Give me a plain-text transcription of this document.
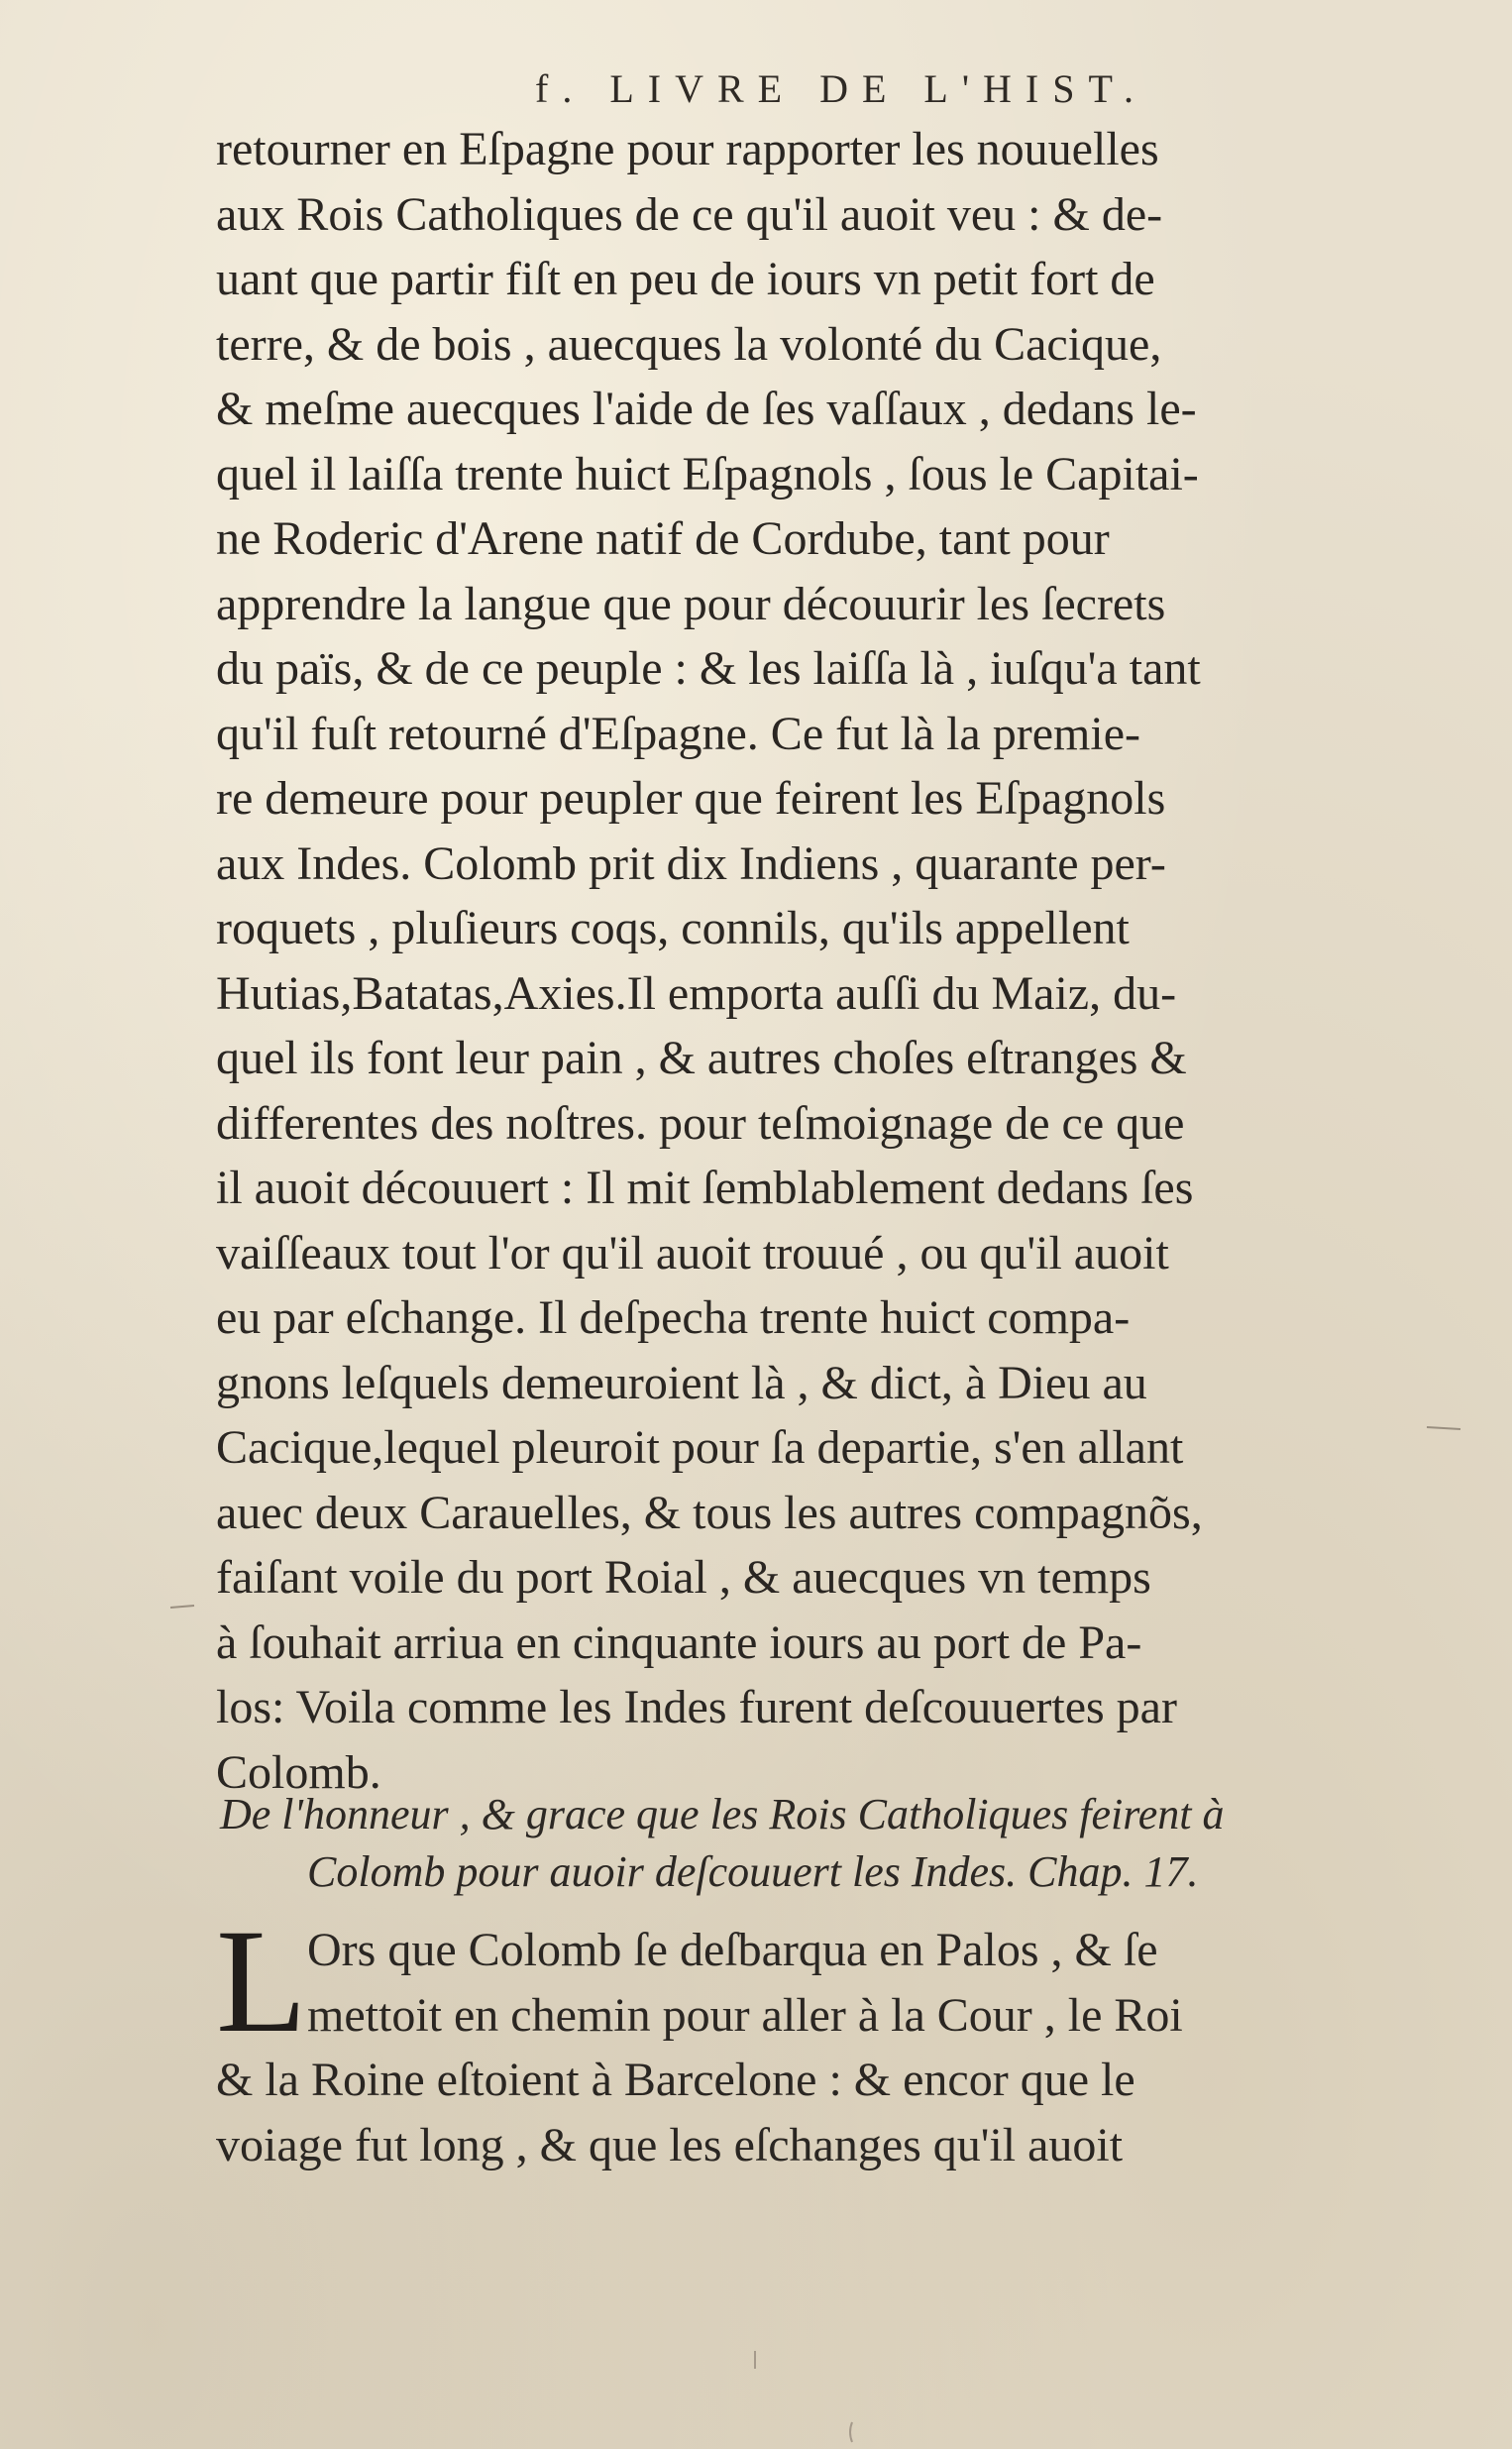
f. LIVRE DE L'HIST.
retourner en Eſpagne pour rapporter les nouuelles
aux Rois Catholiques de ce qu'il auoit veu : & de-
uant que partir fiſt en peu de iours vn petit fort de
terre, & de bois , auecques la volonté du Cacique,
& meſme auecques l'aide de ſes vaſſaux , dedans le-
quel il laiſſa trente huict Eſpagnols , ſous le Capitai-
ne Roderic d'Arene natif de Cordube, tant pour
apprendre la langue que pour découurir les ſecrets
du païs, & de ce peuple : & les laiſſa là , iuſqu'a tant
qu'il fuſt retourné d'Eſpagne. Ce fut là la premie-
re demeure pour peupler que feirent les Eſpagnols
aux Indes. Colomb prit dix Indiens , quarante per-
roquets , pluſieurs coqs, connils, qu'ils appellent
Hutias,Batatas,Axies.Il emporta auſſi du Maiz, du-
quel ils font leur pain , & autres choſes eſtranges &
differentes des noſtres. pour teſmoignage de ce que
il auoit découuert : Il mit ſemblablement dedans ſes
vaiſſeaux tout l'or qu'il auoit trouué , ou qu'il auoit
eu par eſchange. Il deſpecha trente huict compa-
gnons leſquels demeuroient là , & dict, à Dieu au
Cacique,lequel pleuroit pour ſa departie, s'en allant
auec deux Carauelles, & tous les autres compagnõs,
faiſant voile du port Roial , & auecques vn temps
à ſouhait arriua en cinquante iours au port de Pa-
los: Voila comme les Indes furent deſcouuertes par
Colomb.
De l'honneur , & grace que les Rois Catholiques feirent à
Colomb pour auoir deſcouuert les Indes. Chap. 17.
L Ors que Colomb ſe deſbarqua en Palos , & ſe
mettoit en chemin pour aller à la Cour , le Roi
& la Roine eſtoient à Barcelone : & encor que le
voiage fut long , & que les eſchanges qu'il auoit
